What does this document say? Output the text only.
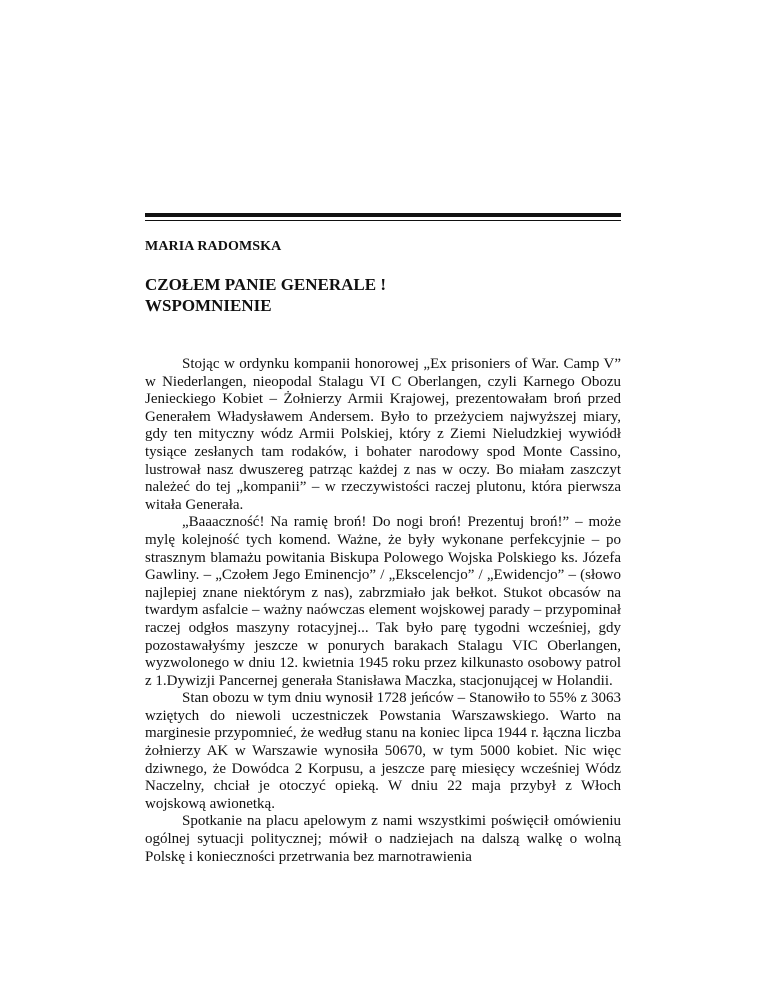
MARIA RADOMSKA
CZOŁEM PANIE GENERALE !
WSPOMNIENIE

Stojąc w ordynku kompanii honorowej „Ex prisoniers of War. Camp V” w Niederlangen, nieopodal Stalagu VI C Oberlangen, czyli Karnego Obozu Jenieckiego Kobiet – Żołnierzy Armii Krajowej, prezentowałam broń przed Generałem Władysławem Andersem. Było to przeżyciem najwyższej miary, gdy ten mityczny wódz Armii Polskiej, który z Ziemi Nieludzkiej wywiódł tysiące zesłanych tam rodaków, i bohater narodowy spod Monte Cassino, lustrował nasz dwuszereg patrząc każdej z nas w oczy. Bo miałam zaszczyt należeć do tej „kompanii” – w rzeczywistości raczej plutonu, która pierwsza witała Generała.

„Baaaczność! Na ramię broń! Do nogi broń! Prezentuj broń!” – może mylę kolejność tych komend. Ważne, że były wykonane perfekcyjnie – po strasznym blamażu powitania Biskupa Polowego Wojska Polskiego ks. Józefa Gawliny. – „Czołem Jego Eminencjo” / „Ekscelencjo” / „Ewidencjo” – (słowo najlepiej znane niektórym z nas), zabrzmiało jak bełkot. Stukot obcasów na twardym asfalcie – ważny naówczas element wojskowej parady – przypominał raczej odgłos maszyny rotacyjnej... Tak było parę tygodni wcześniej, gdy pozostawałyśmy jeszcze w ponurych barakach Stalagu VIC Oberlangen, wyzwolonego w dniu 12. kwietnia 1945 roku przez kilkunasto osobowy patrol z 1.Dywizji Pancernej generała Stanisława Maczka, stacjonującej w Holandii.

Stan obozu w tym dniu wynosił 1728 jeńców – Stanowiło to 55% z 3063 wziętych do niewoli uczestniczek Powstania Warszawskiego. Warto na marginesie przypomnieć, że według stanu na koniec lipca 1944 r. łączna liczba żołnierzy AK w Warszawie wynosiła 50670, w tym 5000 kobiet. Nic więc dziwnego, że Dowódca 2 Korpusu, a jeszcze parę miesięcy wcześniej Wódz Naczelny, chciał je otoczyć opieką. W dniu 22 maja przybył z Włoch wojskową awionetką.

Spotkanie na placu apelowym z nami wszystkimi poświęcił omówieniu ogólnej sytuacji politycznej; mówił o nadziejach na dalszą walkę o wolną Polskę i konieczności przetrwania bez marnotrawienia
